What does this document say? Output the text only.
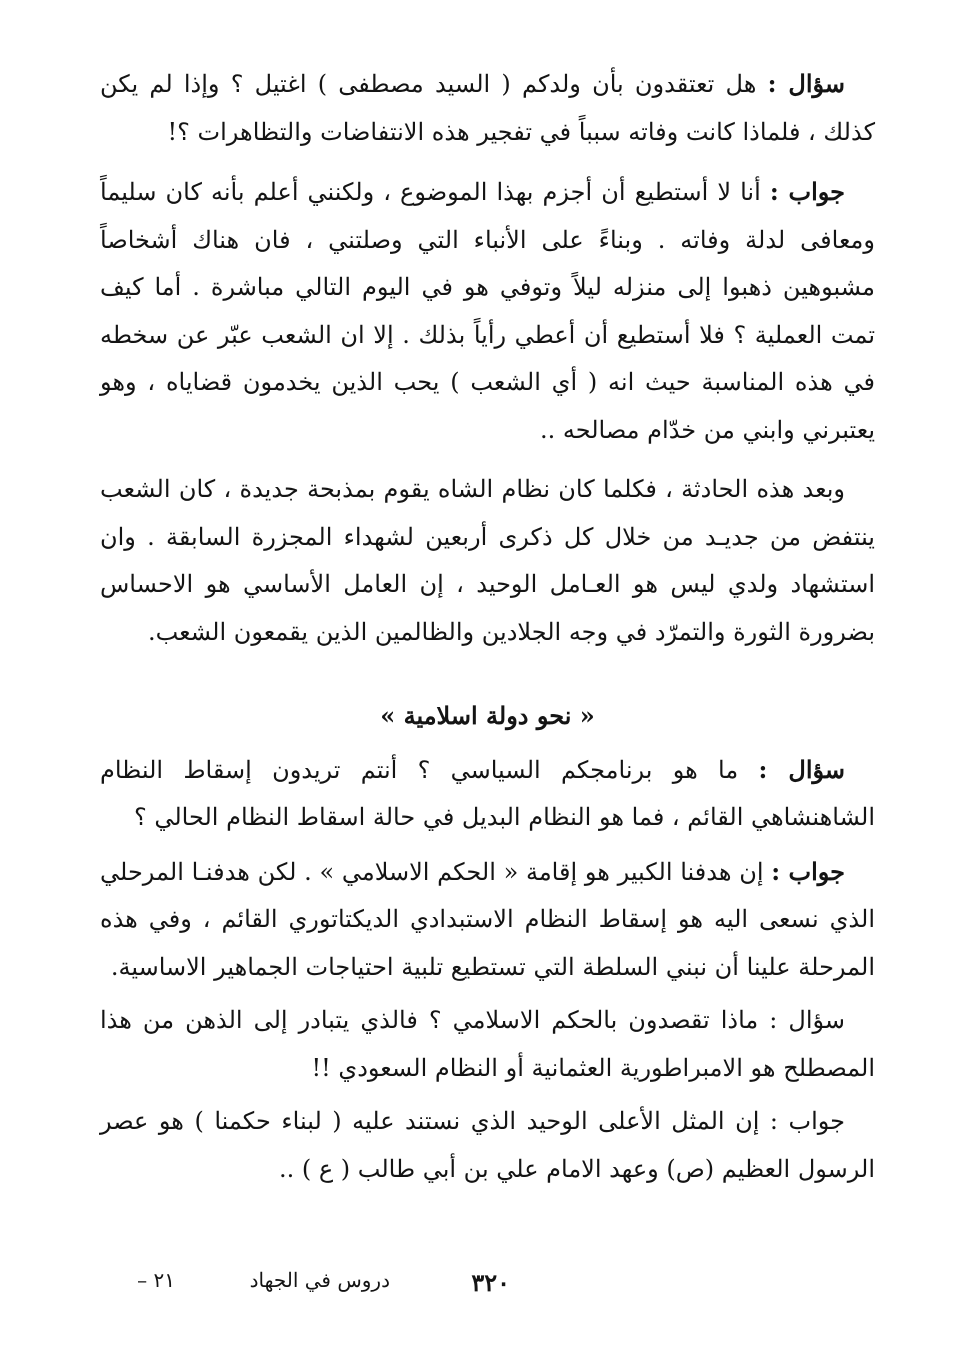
سؤال : هل تعتقدون بأن ولدكم ( السيد مصطفى ) اغتيل ؟ وإذا لم يكن كذلك ، فلماذا كانت وفاته سبباً في تفجير هذه الانتفاضات والتظاهرات ؟!

جواب : أنا لا أستطيع أن أجزم بهذا الموضوع ، ولكنني أعلم بأنه كان سليماً ومعافى لدلة وفاته . وبناءً على الأنباء التي وصلتني ، فان هناك أشخاصاً مشبوهين ذهبوا إلى منزله ليلاً وتوفي هو في اليوم التالي مباشرة . أما كيف تمت العملية ؟ فلا أستطيع أن أعطي رأياً بذلك . إلا ان الشعب عبّر عن سخطه في هذه المناسبة حيث انه ( أي الشعب ) يحب الذين يخدمون قضاياه ، وهو يعتبرني وابني من خدّام مصالحه ..

وبعد هذه الحادثة ، فكلما كان نظام الشاه يقوم بمذبحة جديدة ، كان الشعب ينتفض من جديـد من خلال كل ذكرى أربعين لشهداء المجزرة السابقة . وان استشهاد ولدي ليس هو العـامل الوحيد ، إن العامل الأساسي هو الاحساس بضرورة الثورة والتمرّد في وجه الجلادين والظالمين الذين يقمعون الشعب.

« نحو دولة اسلامية »

سؤال : ما هو برنامجكم السياسي ؟ أنتم تريدون إسقاط النظام الشاهنشاهي القائم ، فما هو النظام البديل في حالة اسقاط النظام الحالي ؟

جواب : إن هدفنا الكبير هو إقامة « الحكم الاسلامي » . لكن هدفنـا المرحلي الذي نسعى اليه هو إسقاط النظام الاستبدادي الديكتاتوري القائم ، وفي هذه المرحلة علينا أن نبني السلطة التي تستطيع تلبية احتياجات الجماهير الاساسية.

سؤال : ماذا تقصدون بالحكم الاسلامي ؟ فالذي يتبادر إلى الذهن من هذا المصطلح هو الامبراطورية العثمانية أو النظام السعودي !!

جواب : إن المثل الأعلى الوحيد الذي نستند عليه ( لبناء حكمنا ) هو عصر الرسول العظيم (ص) وعهد الامام علي بن أبي طالب ( ع ) ..

٣٢٠
دروس في الجهاد
٢١ –
